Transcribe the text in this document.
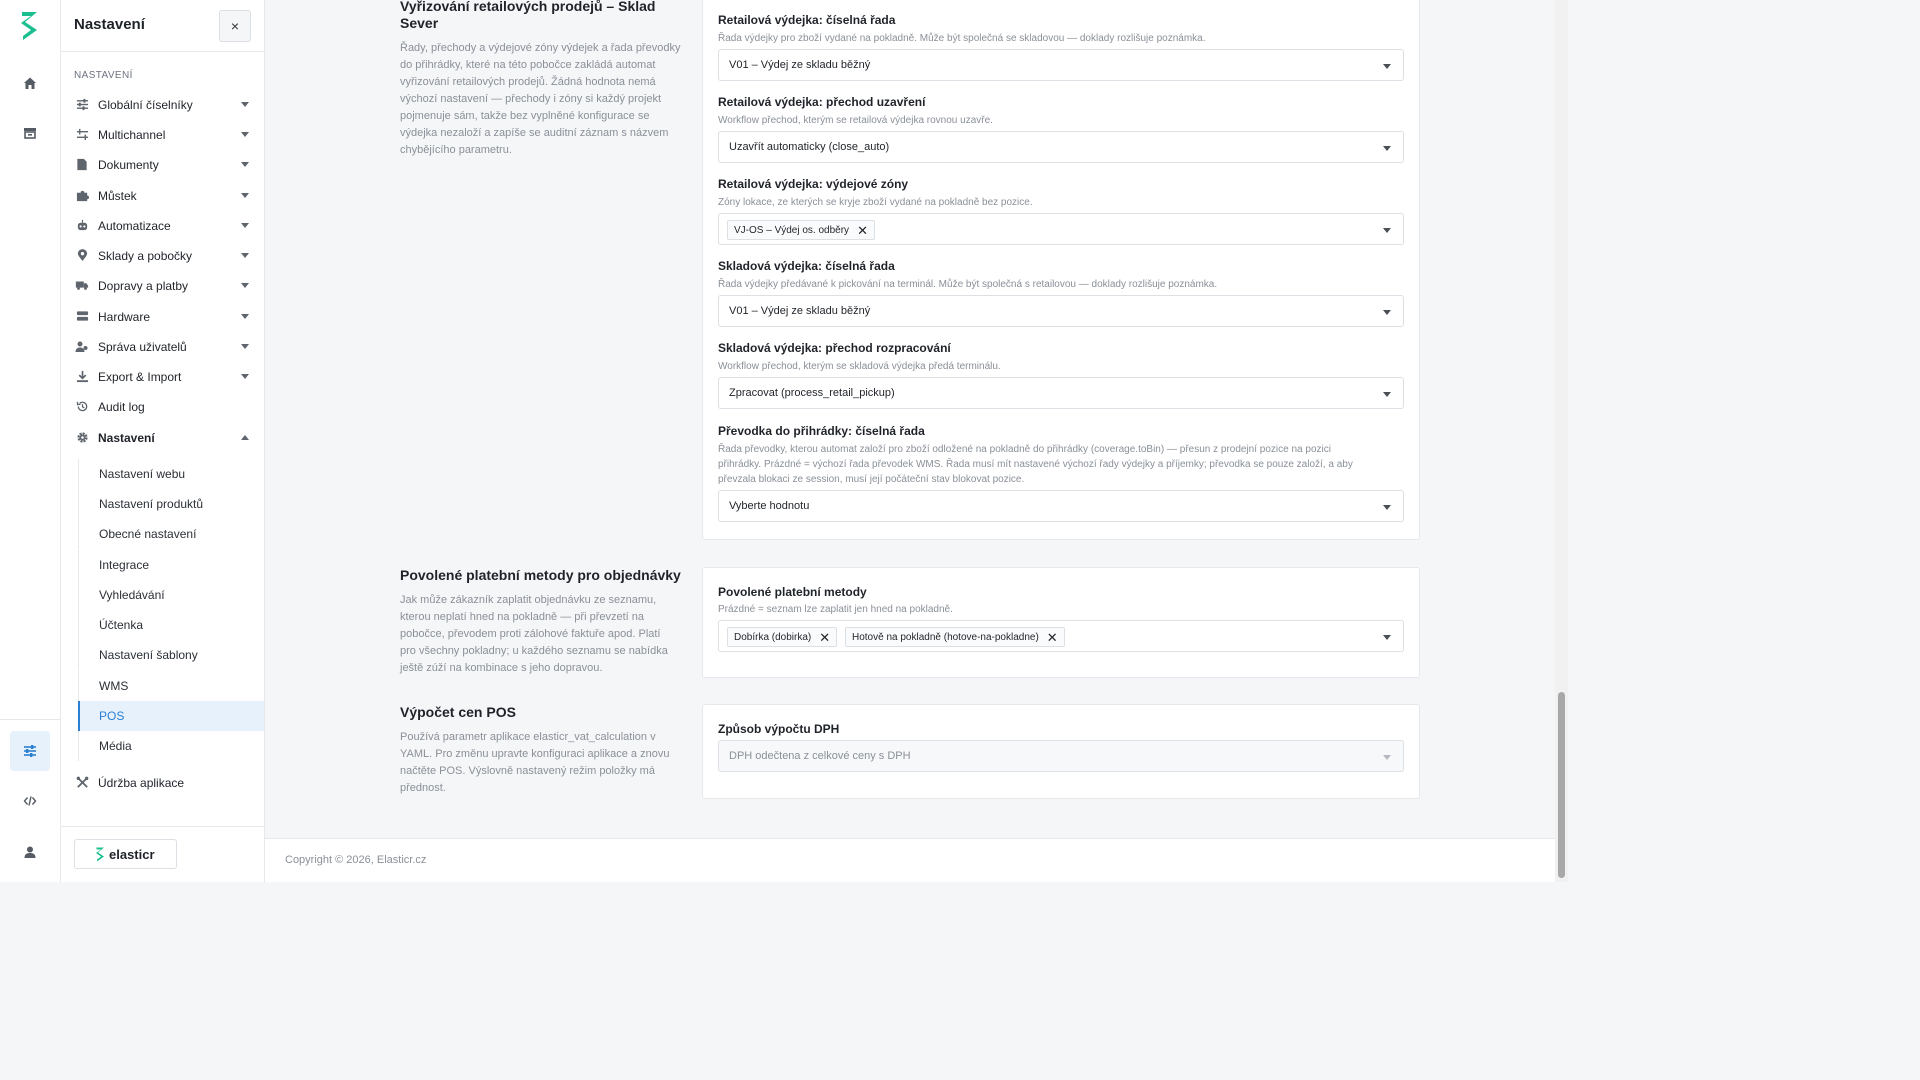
Nastavení	×
NASTAVENÍ
Globální číselníky
Multichannel
Dokumenty
Můstek
Automatizace
Sklady a pobočky
Dopravy a platby
Hardware
Správa uživatelů
Export & Import
Audit log
Nastavení
Nastavení webu
Nastavení produktů
Obecné nastavení
Integrace
Vyhledávání
Účtenka
Nastavení šablony
WMS
POS
Média
Údržba aplikace
elasticr
Vyřizování retailových prodejů – Sklad
Sever
Řady, přechody a výdejové zóny výdejek a řada převodky
do přihrádky, které na této pobočce zakládá automat
vyřizování retailových prodejů. Žádná hodnota nemá
výchozí nastavení — přechody i zóny si každý projekt
pojmenuje sám, takže bez vyplněné konfigurace se
výdejka nezaloží a zapíše se auditní záznam s názvem
chybějícího parametru.
Retailová výdejka: číselná řada
Řada výdejky pro zboží vydané na pokladně. Může být společná se skladovou — doklady rozlišuje poznámka.
V01 – Výdej ze skladu běžný
Retailová výdejka: přechod uzavření
Workflow přechod, kterým se retailová výdejka rovnou uzavře.
Uzavřít automaticky (close_auto)
Retailová výdejka: výdejové zóny
Zóny lokace, ze kterých se kryje zboží vydané na pokladně bez pozice.
VJ-OS – Výdej os. odběry ✕
Skladová výdejka: číselná řada
Řada výdejky předávané k pickování na terminál. Může být společná s retailovou — doklady rozlišuje poznámka.
V01 – Výdej ze skladu běžný
Skladová výdejka: přechod rozpracování
Workflow přechod, kterým se skladová výdejka předá terminálu.
Zpracovat (process_retail_pickup)
Převodka do přihrádky: číselná řada
Řada převodky, kterou automat založí pro zboží odložené na pokladně do přihrádky (coverage.toBin) — přesun z prodejní pozice na pozici
přihrádky. Prázdné = výchozí řada převodek WMS. Řada musí mít nastavené výchozí řady výdejky a příjemky; převodka se pouze založí, a aby
převzala blokaci ze session, musí její počáteční stav blokovat pozice.
Vyberte hodnotu
Povolené platební metody pro objednávky
Jak může zákazník zaplatit objednávku ze seznamu,
kterou neplatí hned na pokladně — při převzetí na
pobočce, převodem proti zálohové faktuře apod. Platí
pro všechny pokladny; u každého seznamu se nabídka
ještě zúží na kombinace s jeho dopravou.
Povolené platební metody
Prázdné = seznam lze zaplatit jen hned na pokladně.
Dobírka (dobirka) ✕ Hotově na pokladně (hotove-na-pokladne) ✕
Výpočet cen POS
Používá parametr aplikace elasticr_vat_calculation v
YAML. Pro změnu upravte konfiguraci aplikace a znovu
načtěte POS. Výslovně nastavený režim položky má
přednost.
Způsob výpočtu DPH
DPH odečtena z celkové ceny s DPH
Copyright © 2026, Elasticr.cz
